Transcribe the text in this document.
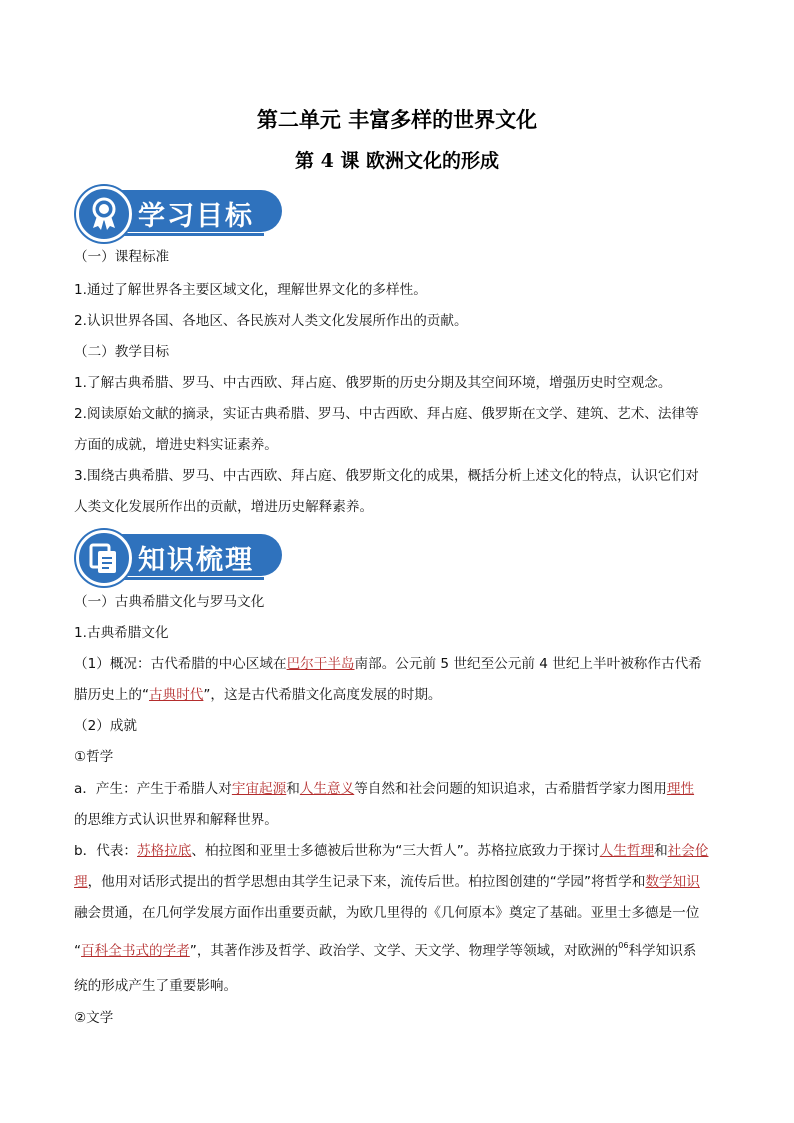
第二单元 丰富多样的世界文化
第 4 课 欧洲文化的形成
学习目标
（一）课程标准
1.通过了解世界各主要区域文化，理解世界文化的多样性。
2.认识世界各国、各地区、各民族对人类文化发展所作出的贡献。
（二）教学目标
1.了解古典希腊、罗马、中古西欧、拜占庭、俄罗斯的历史分期及其空间环境，增强历史时空观念。
2.阅读原始文献的摘录，实证古典希腊、罗马、中古西欧、拜占庭、俄罗斯在文学、建筑、艺术、法律等
方面的成就，增进史料实证素养。
3.围绕古典希腊、罗马、中古西欧、拜占庭、俄罗斯文化的成果，概括分析上述文化的特点，认识它们对
人类文化发展所作出的贡献，增进历史解释素养。
知识梳理
（一）古典希腊文化与罗马文化
1.古典希腊文化
（1）概况：古代希腊的中心区域在巴尔干半岛南部。公元前 5 世纪至公元前 4 世纪上半叶被称作古代希
腊历史上的“古典时代”，这是古代希腊文化高度发展的时期。
（2）成就
①哲学
a．产生：产生于希腊人对宇宙起源和人生意义等自然和社会问题的知识追求，古希腊哲学家力图用理性
的思维方式认识世界和解释世界。
b．代表：苏格拉底、柏拉图和亚里士多德被后世称为“三大哲人”。苏格拉底致力于探讨人生哲理和社会伦
理，他用对话形式提出的哲学思想由其学生记录下来，流传后世。柏拉图创建的“学园”将哲学和数学知识
融会贯通，在几何学发展方面作出重要贡献，为欧几里得的《几何原本》奠定了基础。亚里士多德是一位
“百科全书式的学者”，其著作涉及哲学、政治学、文学、天文学、物理学等领域，对欧洲的$^{06}$科学知识系
统的形成产生了重要影响。
②文学
